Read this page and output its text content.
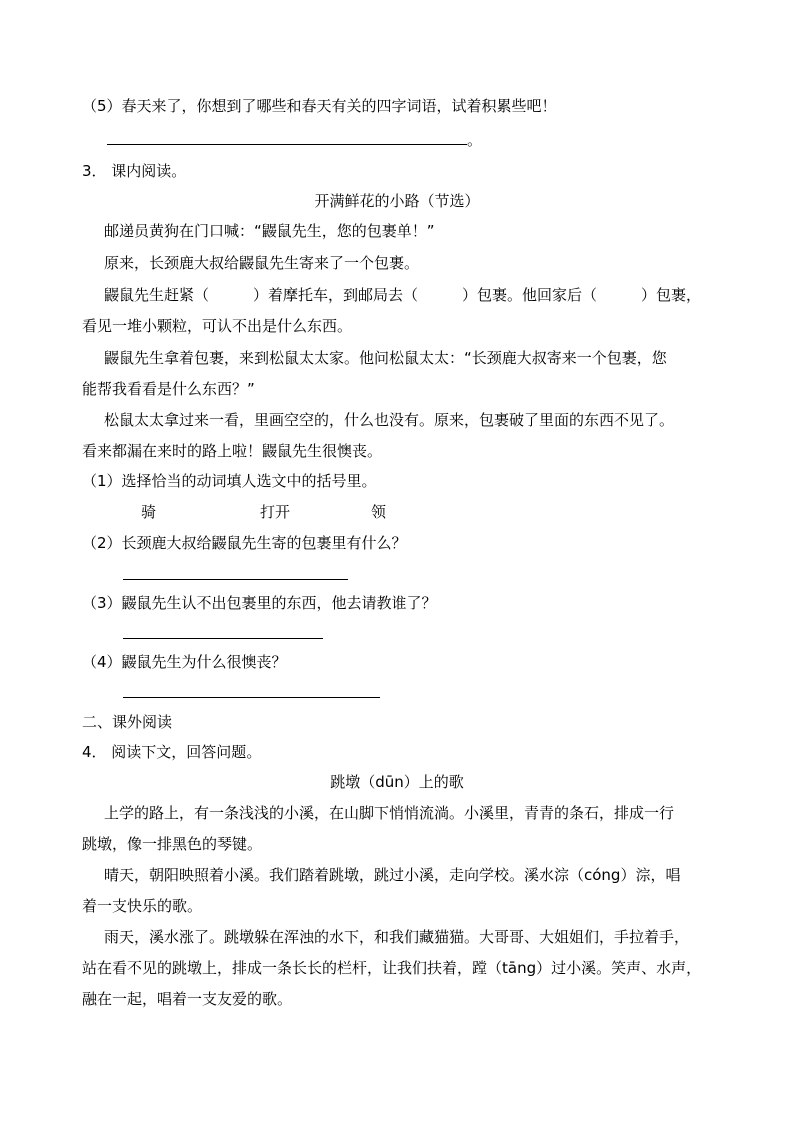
（5）春天来了，你想到了哪些和春天有关的四字词语，试着积累些吧！
。
3． 课内阅读。
开满鲜花的小路（节选）
邮递员黄狗在门口喊：“鼹鼠先生，您的包裹单！”
原来，长颈鹿大叔给鼹鼠先生寄来了一个包裹。
鼹鼠先生赶紧（	）着摩托车，到邮局去（	）包裹。他回家后（	）包裹，
看见一堆小颗粒，可认不出是什么东西。
鼹鼠先生拿着包裹，来到松鼠太太家。他问松鼠太太：“长颈鹿大叔寄来一个包裹，您
能帮我看看是什么东西？”
松鼠太太拿过来一看，里画空空的，什么也没有。原来，包裹破了里面的东西不见了。
看来都漏在来时的路上啦！鼹鼠先生很懊丧。
（1）选择恰当的动词填人选文中的括号里。
骑	打开	领
（2）长颈鹿大叔给鼹鼠先生寄的包裹里有什么？
（3）鼹鼠先生认不出包裹里的东西，他去请教谁了？
（4）鼹鼠先生为什么很懊丧？
二、课外阅读
4． 阅读下文，回答问题。
跳墩（dūn）上的歌
上学的路上，有一条浅浅的小溪，在山脚下悄悄流淌。小溪里，青青的条石，排成一行
跳墩，像一排黑色的琴键。
晴天，朝阳映照着小溪。我们踏着跳墩，跳过小溪，走向学校。溪水淙（cóng）淙，唱
着一支快乐的歌。
雨天，溪水涨了。跳墩躲在浑浊的水下，和我们藏猫猫。大哥哥、大姐姐们，手拉着手，
站在看不见的跳墩上，排成一条长长的栏杆，让我们扶着，蹚（tāng）过小溪。笑声、水声，
融在一起，唱着一支友爱的歌。
